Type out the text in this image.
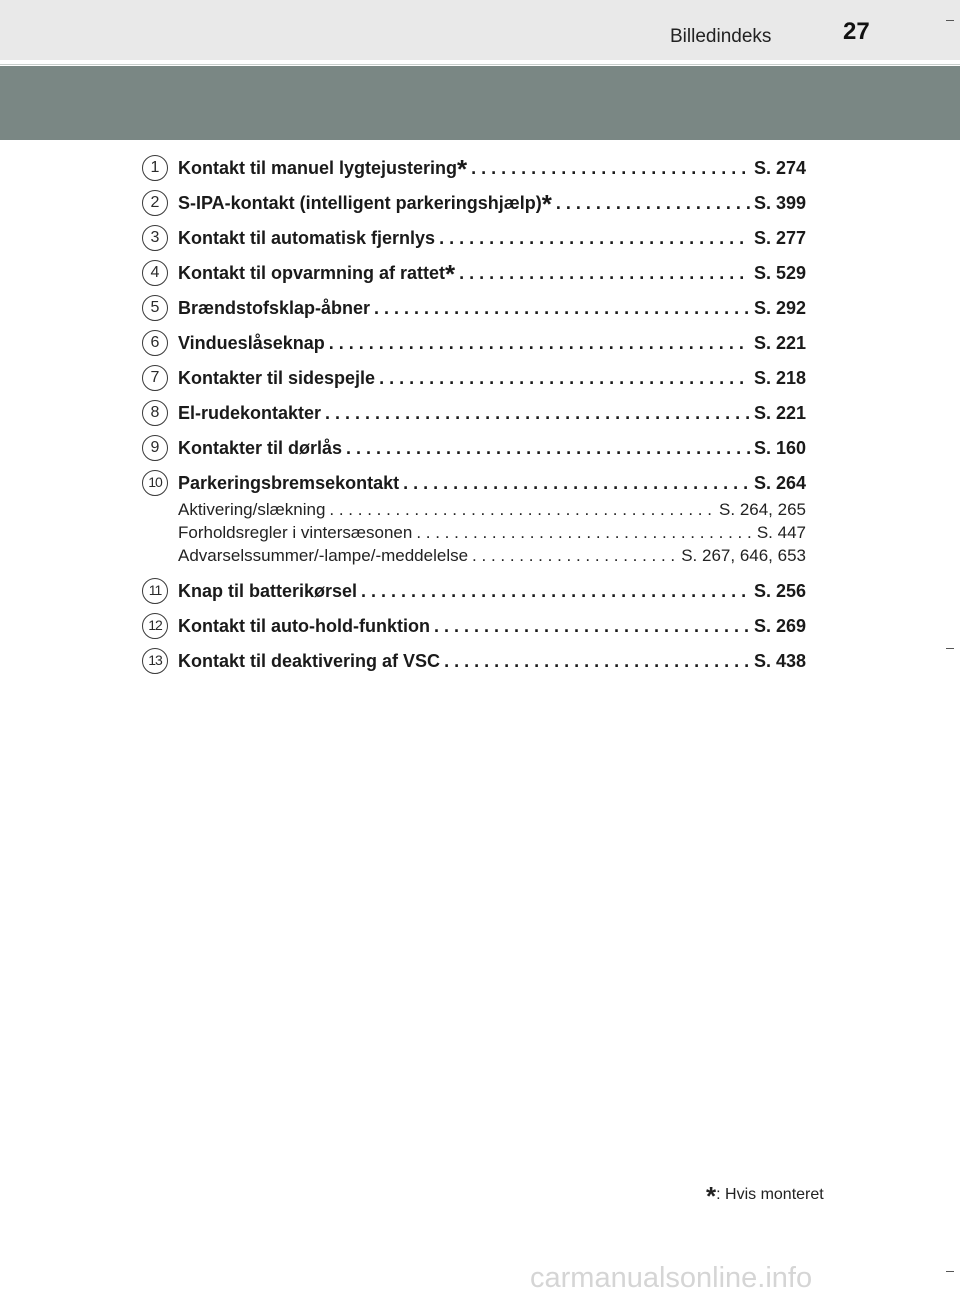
Billedindeks	27
1	Kontakt til manuel lygtejustering* . . .	S. 274
2	S-IPA-kontakt (intelligent parkeringshjælp)* . . .	S. 399
3	Kontakt til automatisk fjernlys . . .	S. 277
4	Kontakt til opvarmning af rattet* . . .	S. 529
5	Brændstofsklap-åbner . . .	S. 292
6	Vindueslåseknap . . .	S. 221
7	Kontakter til sidespejle . . .	S. 218
8	El-rudekontakter . . .	S. 221
9	Kontakter til dørlås . . .	S. 160
10 Parkeringsbremsekontakt . . .	S. 264
Aktivering/slækning . . .	S. 264, 265
Forholdsregler i vintersæsonen . . .	S. 447
Advarselssummer/-lampe/-meddelelse . . .	S. 267, 646, 653
11 Knap til batterikørsel . . .	S. 256
12 Kontakt til auto-hold-funktion . . .	S. 269
13 Kontakt til deaktivering af VSC . . .	S. 438
*: Hvis monteret
carmanualsonline.info
